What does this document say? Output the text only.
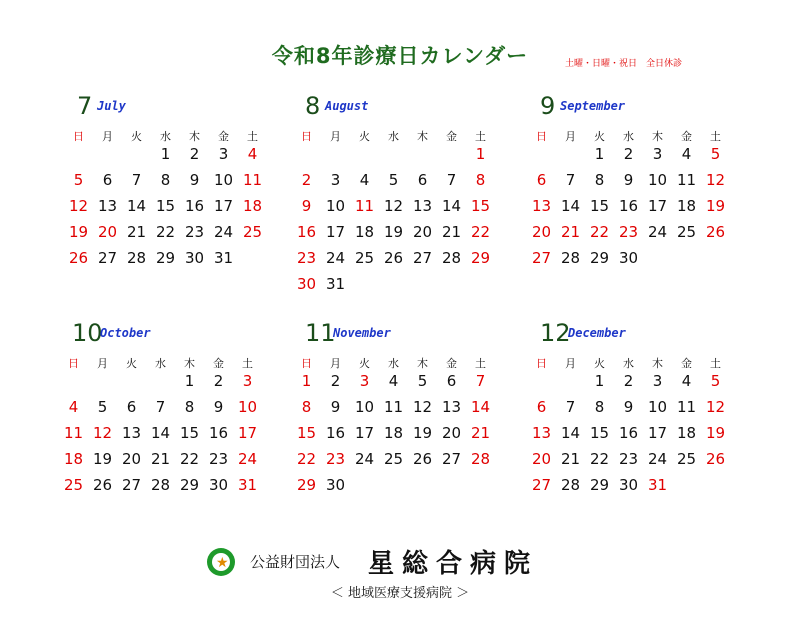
令和8年診療日カレンダー	土曜・日曜・祝日　全日休診
7 July
日	月	火	水	木	金	土

			1	2	3	4

5	6	7	8	9	10	11

12	13	14	15	16	17	18

19	20	21	22	23	24	25

26	27	28	29	30	31	

8 August
日	月	火	水	木	金	土

						1

2	3	4	5	6	7	8

9	10	11	12	13	14	15

16	17	18	19	20	21	22

23	24	25	26	27	28	29

30	31					

9 September
日	月	火	水	木	金	土

		1	2	3	4	5

6	7	8	9	10	11	12

13	14	15	16	17	18	19

20	21	22	23	24	25	26

27	28	29	30			

10
October
日	月	火	水	木	金	土

				1	2	3

4	5	6	7	8	9	10

11	12	13	14	15	16	17

18	19	20	21	22	23	24

25	26	27	28	29	30	31
11
November
日	月	火	水	木	金	土

1	2	3	4	5	6	7

8	9	10	11	12	13	14

15	16	17	18	19	20	21

22	23	24	25	26	27	28

29	30					

12
December
日	月	火	水	木	金	土

		1	2	3	4	5

6	7	8	9	10	11	12

13	14	15	16	17	18	19

20	21	22	23	24	25	26

27	28	29	30	31		

★ 公益財団法人 星総合病院
＜ 地域医療支援病院 ＞
